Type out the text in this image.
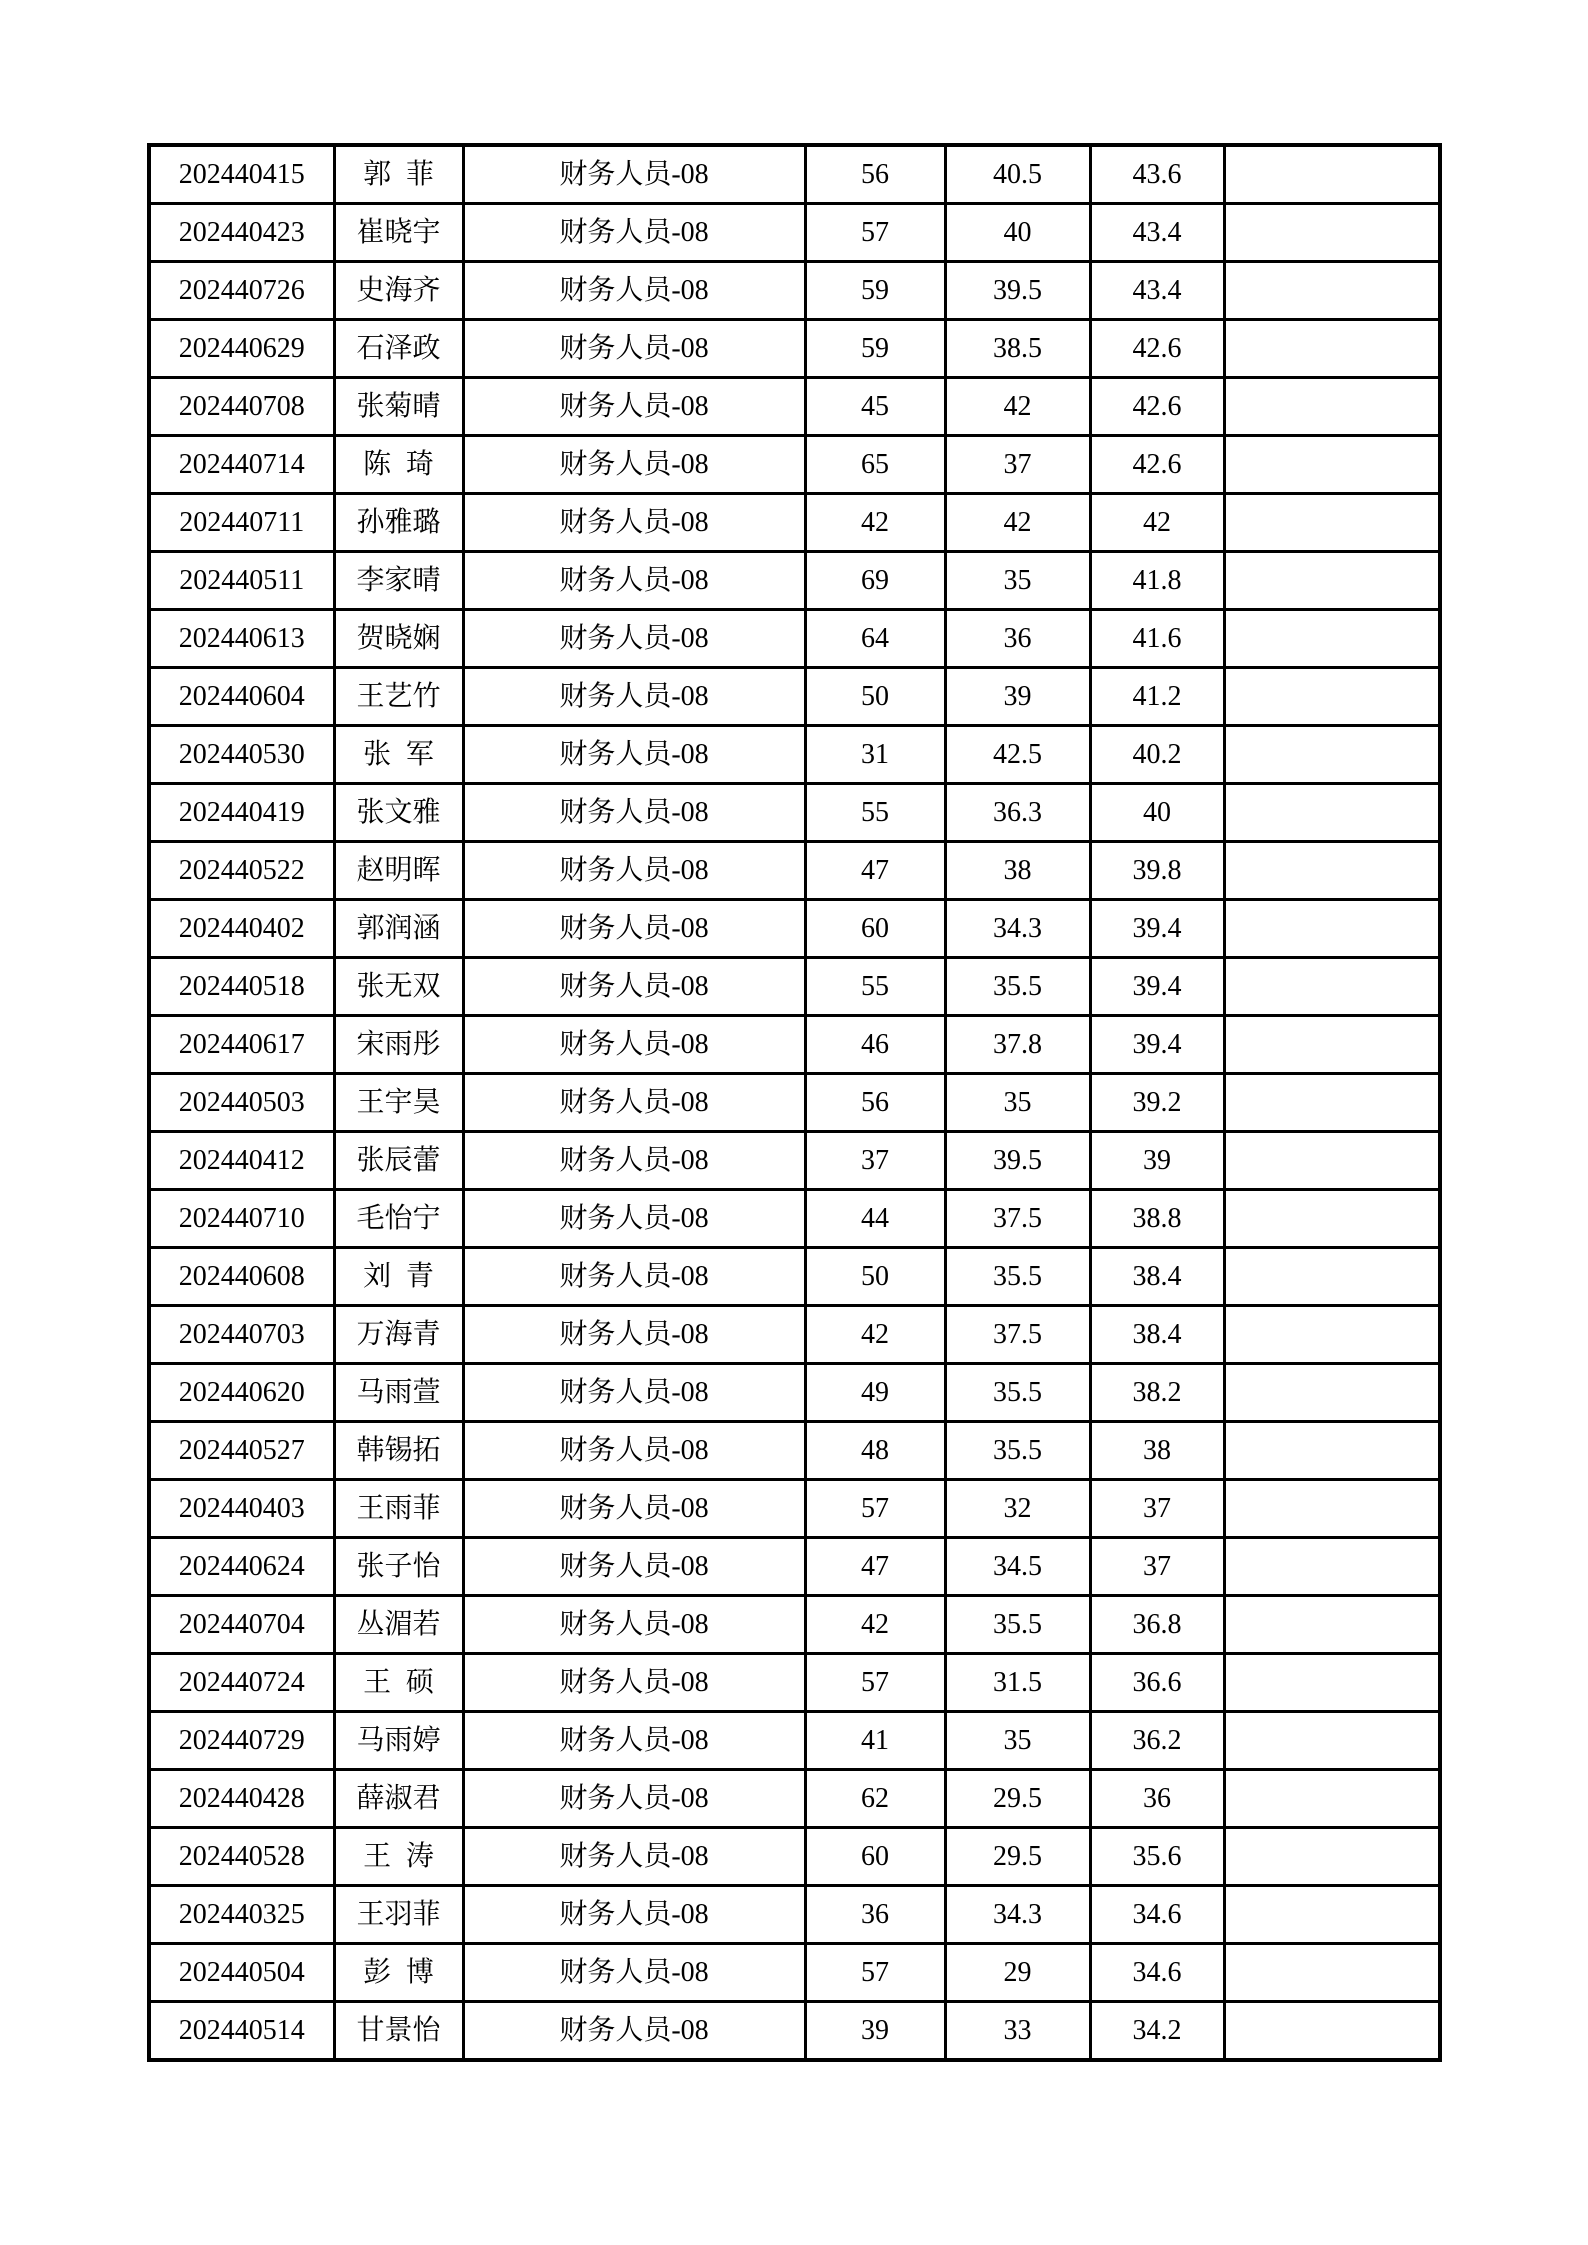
202440415	郭菲	财务人员-08	56	40.5	43.6	
202440423	崔晓宇	财务人员-08	57	40	43.4	
202440726	史海齐	财务人员-08	59	39.5	43.4	
202440629	石泽政	财务人员-08	59	38.5	42.6	
202440708	张菊晴	财务人员-08	45	42	42.6	
202440714	陈琦	财务人员-08	65	37	42.6	
202440711	孙雅璐	财务人员-08	42	42	42	
202440511	李家晴	财务人员-08	69	35	41.8	
202440613	贺晓娴	财务人员-08	64	36	41.6	
202440604	王艺竹	财务人员-08	50	39	41.2	
202440530	张军	财务人员-08	31	42.5	40.2	
202440419	张文雅	财务人员-08	55	36.3	40	
202440522	赵明晖	财务人员-08	47	38	39.8	
202440402	郭润涵	财务人员-08	60	34.3	39.4	
202440518	张无双	财务人员-08	55	35.5	39.4	
202440617	宋雨彤	财务人员-08	46	37.8	39.4	
202440503	王宇昊	财务人员-08	56	35	39.2	
202440412	张辰蕾	财务人员-08	37	39.5	39	
202440710	毛怡宁	财务人员-08	44	37.5	38.8	
202440608	刘青	财务人员-08	50	35.5	38.4	
202440703	万海青	财务人员-08	42	37.5	38.4	
202440620	马雨萱	财务人员-08	49	35.5	38.2	
202440527	韩锡拓	财务人员-08	48	35.5	38	
202440403	王雨菲	财务人员-08	57	32	37	
202440624	张子怡	财务人员-08	47	34.5	37	
202440704	丛湄若	财务人员-08	42	35.5	36.8	
202440724	王硕	财务人员-08	57	31.5	36.6	
202440729	马雨婷	财务人员-08	41	35	36.2	
202440428	薛淑君	财务人员-08	62	29.5	36	
202440528	王涛	财务人员-08	60	29.5	35.6	
202440325	王羽菲	财务人员-08	36	34.3	34.6	
202440504	彭博	财务人员-08	57	29	34.6	
202440514	甘景怡	财务人员-08	39	33	34.2	
